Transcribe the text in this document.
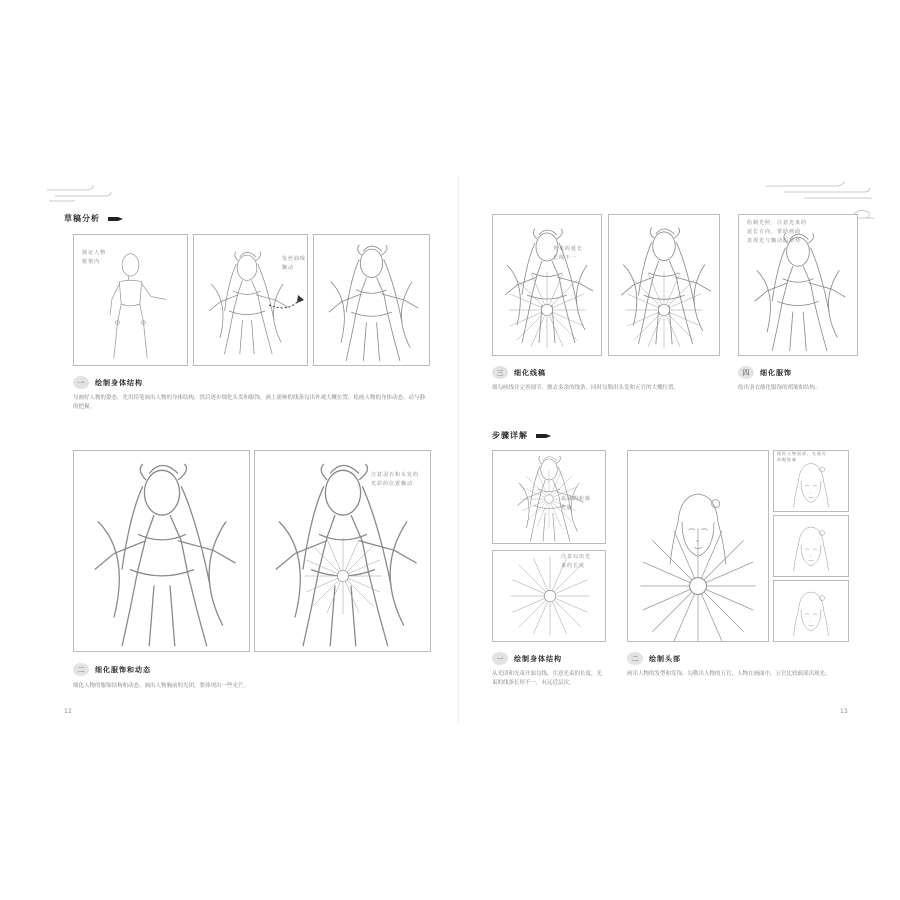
草稿分析
锁定人物
框架内	发丝曲线
飘动
一	绘制身体结构
勾画好人物的姿态，先用铅笔画出人物的身体结构，然后逐步细化头发和服饰，画上流畅的线条勾出外观大概位置，绘画人物的身体动态，动与静的把握。
注意羽衣和头发的
光彩的位置飘动
二	细化服饰和动态
细化人物的服饰结构和动态，画出人物胸前的光团，要体现出一些光芒。
12
光束的延长
长线不一
绘制光照，注意光束的
延长方向，帮助画面
表现光与飘动的动势
三	细化线稿
细勾画线并完善细节，擦去多余的线条，同时勾勒出头发和五官的大概位置。
四	细化服饰
绘出羽衣细化服饰的褶皱和结构。
步骤详解
光球的轮廓
光影
注意勾出光
束的长度
描绘人物面部，先画好
眉眼轮廓
一	绘制身体结构
从光团和光束开始勾线，注意光束的长度，光束的线条长短不一，有远近层次。
二	绘制头部
画出人物的发型和发饰，勾勒出人物的五官，人物在画面中，五官比较面部出现光。
13
